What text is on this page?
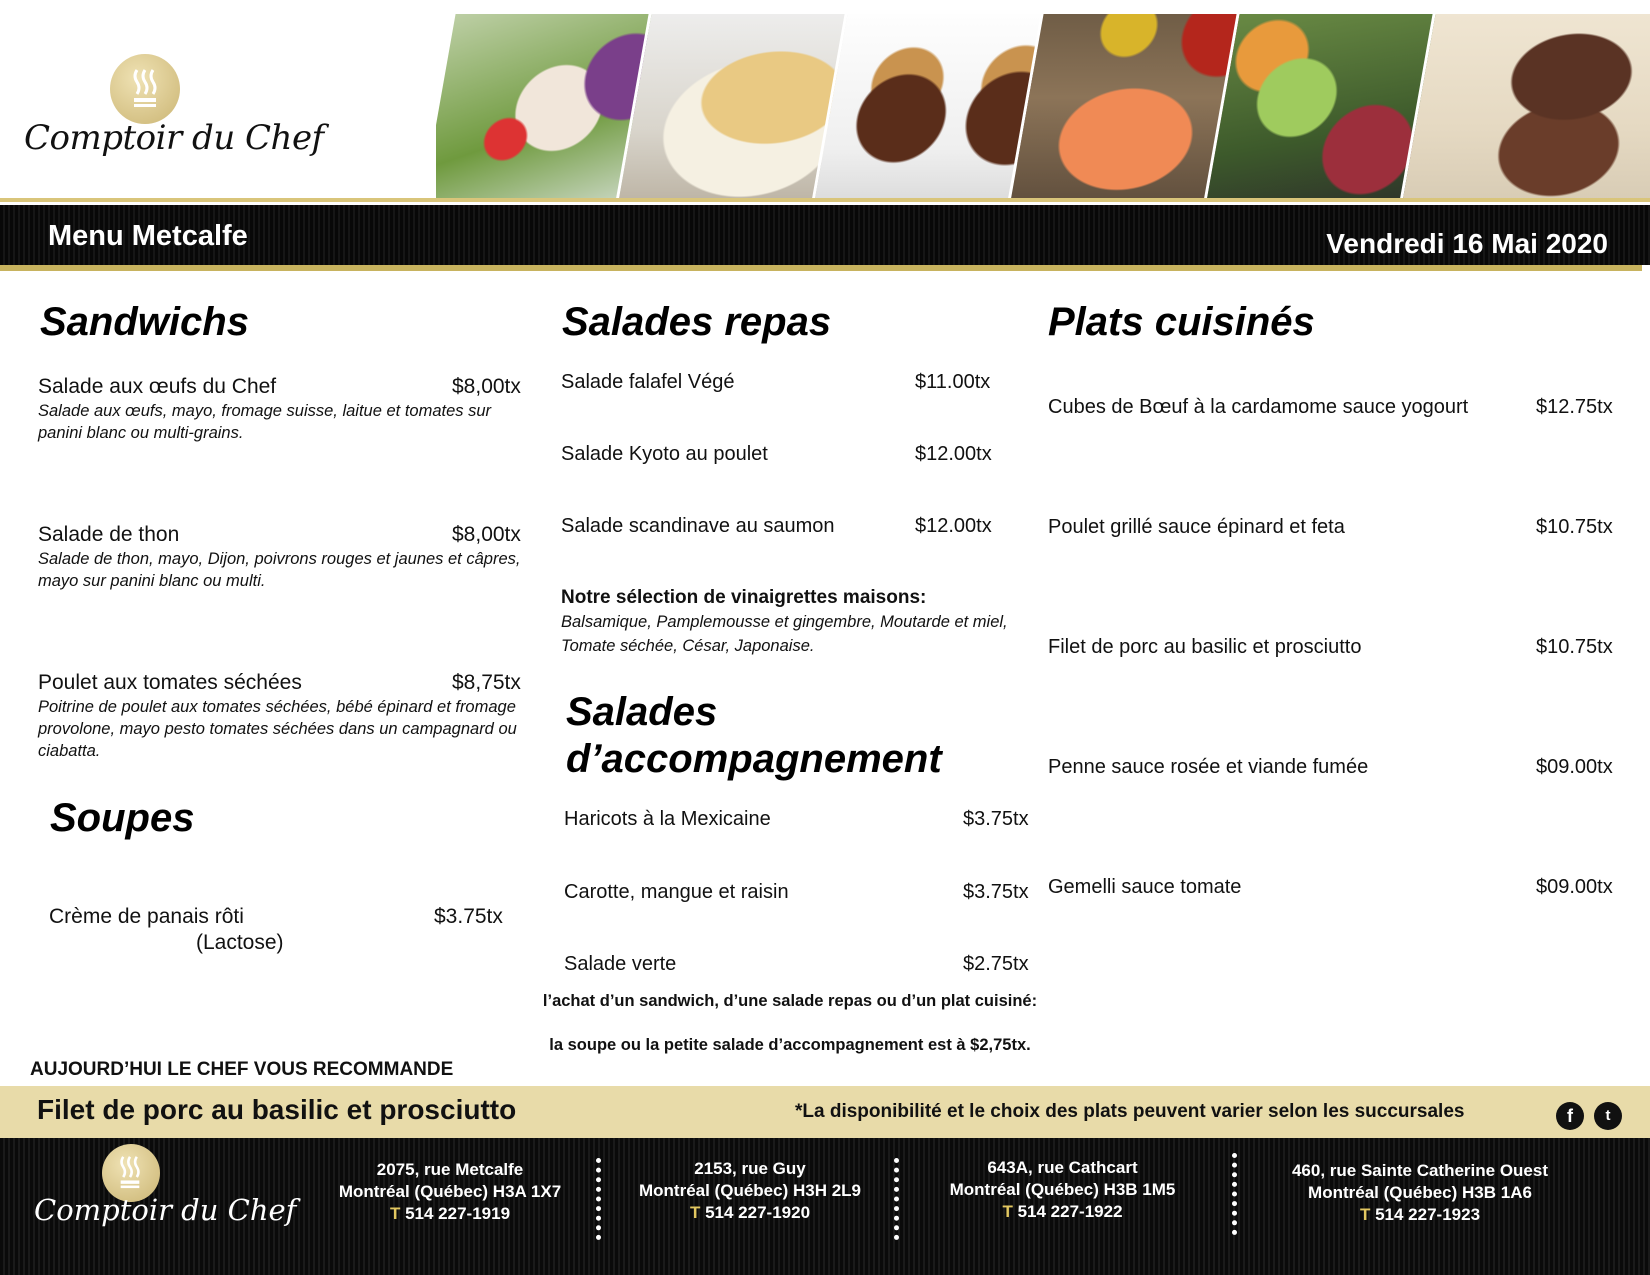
Comptoir du Chef
Menu Metcalfe	Vendredi 16 Mai 2020
Sandwichs
Salade aux œufs du Chef	$8,00tx
Salade aux œufs, mayo, fromage suisse, laitue et tomates sur panini blanc ou multi-grains.
Salade de thon	$8,00tx
Salade de thon, mayo, Dijon, poivrons rouges et jaunes et câpres, mayo sur panini blanc ou multi.
Poulet aux tomates séchées	$8,75tx
Poitrine de poulet aux tomates séchées, bébé épinard et fromage provolone, mayo pesto tomates séchées dans un campagnard ou ciabatta.
Soupes
Crème de panais rôti	$3.75tx
(Lactose)
Salades repas
Salade falafel Végé	$11.00tx
Salade Kyoto au poulet	$12.00tx
Salade scandinave au saumon	$12.00tx
Notre sélection de vinaigrettes maisons:
Balsamique, Pamplemousse et gingembre, Moutarde et miel, Tomate séchée, César, Japonaise.
Salades
d’accompagnement
Haricots à la Mexicaine	$3.75tx
Carotte, mangue et raisin	$3.75tx
Salade verte	$2.75tx
l’achat d’un sandwich, d’une salade repas ou d’un plat cuisiné:
la soupe ou la petite salade d’accompagnement est à $2,75tx.
Plats cuisinés
Cubes de Bœuf à la cardamome sauce yogourt	$12.75tx
Poulet grillé sauce épinard et feta	$10.75tx
Filet de porc au basilic et prosciutto	$10.75tx
Penne sauce rosée et viande fumée	$09.00tx
Gemelli sauce tomate	$09.00tx
AUJOURD’HUI LE CHEF VOUS RECOMMANDE
Filet de porc au basilic et prosciutto	*La disponibilité et le choix des plats peuvent varier selon les succursales	f	t
Comptoir du Chef
2075, rue Metcalfe
Montréal (Québec) H3A 1X7
T 514 227-1919
2153, rue Guy
Montréal (Québec) H3H 2L9
T 514 227-1920
643A, rue Cathcart
Montréal (Québec) H3B 1M5
T 514 227-1922
460, rue Sainte Catherine Ouest
Montréal (Québec) H3B 1A6
T 514 227-1923
